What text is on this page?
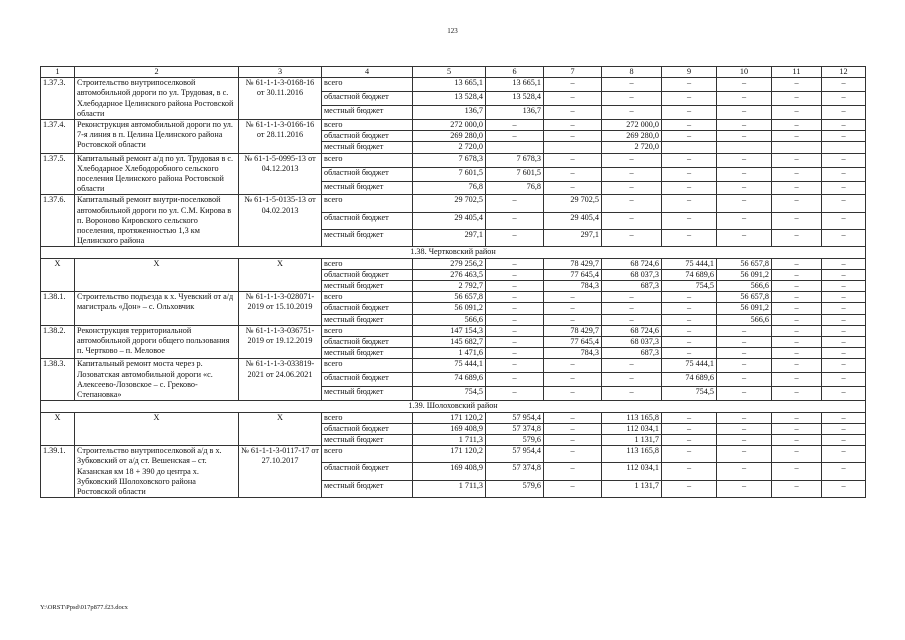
123
1	2	3	4	5	6	7	8	9	10	11	12
1.37.3.	Строительство внутрипоселковой автомобильной дороги по ул. Трудовая, в с. Хлебодарное Целинского района Ростовской области	№ 61-1-1-3-0168-16 от 30.11.2016	всего	13 665,1	13 665,1	–	–	–	–	–	–
			областной бюджет	13 528,4	13 528,4	–	–	–	–	–	–
			местный бюджет	136,7	136,7	–	–	–	–	–	–
1.37.4.	Реконструкция автомобильной дороги по ул. 7-я линия в п. Целина Целинского района Ростовской области	№ 61-1-1-3-0166-16 от 28.11.2016	всего	272 000,0	–	–	272 000,0	–	–	–	–
			областной бюджет	269 280,0	–	–	269 280,0	–	–	–	–
			местный бюджет	2 720,0			2 720,0				
1.37.5.	Капитальный ремонт а/д по ул. Трудовая в с. Хлебодарное Хлебодоробного сельского поселения Целинского района Ростовской области	№ 61-1-5-0995-13 от 04.12.2013	всего	7 678,3	7 678,3	–	–	–	–	–	–
			областной бюджет	7 601,5	7 601,5	–	–	–	–	–	–
			местный бюджет	76,8	76,8	–	–	–	–	–	–
1.37.6.	Капитальный ремонт внутри-поселковой автомобильной дороги по ул. С.М. Кирова в п. Вороново Кировского сельского поселения, протяженностью 1,3 км Целинского района	№ 61-1-5-0135-13 от 04.02.2013	всего	29 702,5	–	29 702,5	–	–	–	–	–
			областной бюджет	29 405,4	–	29 405,4	–	–	–	–	–
			местный бюджет	297,1	–	297,1	–	–	–	–	–
1.38. Чертковский район											
Х	Х	Х	всего	279 256,2	–	78 429,7	68 724,6	75 444,1	56 657,8	–	–
			областной бюджет	276 463,5	–	77 645,4	68 037,3	74 689,6	56 091,2	–	–
			местный бюджет	2 792,7	–	784,3	687,3	754,5	566,6	–	–
1.38.1.	Строительство подъезда к х. Чуевский от а/д магистраль «Дон» – с. Ольховчик	№ 61-1-1-3-028071-2019 от 15.10.2019	всего	56 657,8	–	–	–	–	56 657,8	–	–
			областной бюджет	56 091,2	–	–	–	–	56 091,2	–	–
			местный бюджет	566,6	–	–	–	–	566,6	–	–
1.38.2.	Реконструкция территориальной автомобильной дороги общего пользования п. Чертково – п. Меловое	№ 61-1-1-3-036751-2019 от 19.12.2019	всего	147 154,3	–	78 429,7	68 724,6	–	–	–	–
			областной бюджет	145 682,7	–	77 645,4	68 037,3	–	–	–	–
			местный бюджет	1 471,6	–	784,3	687,3	–	–	–	–
1.38.3.	Капитальный ремонт моста через р. Лозоватская автомобильной дороги «с. Алексеево-Лозовское – с. Греково-Степановка»	№ 61-1-1-3-033819-2021 от 24.06.2021	всего	75 444,1	–	–	–	75 444,1	–	–	–
			областной бюджет	74 689,6	–	–	–	74 689,6	–	–	–
			местный бюджет	754,5	–	–	–	754,5	–	–	–
1.39. Шолоховский район											
Х	Х	Х	всего	171 120,2	57 954,4	–	113 165,8	–	–	–	–
			областной бюджет	169 408,9	57 374,8	–	112 034,1	–	–	–	–
			местный бюджет	1 711,3	579,6	–	1 131,7	–	–	–	–
1.39.1.	Строительство внутрипоселковой а/д в х. Зубковский от а/д ст. Вешенская – ст. Казанская км 18 + 390 до центра х. Зубковский Шолоховского района Ростовской области	№ 61-1-1-3-0117-17 от 27.10.2017	всего	171 120,2	57 954,4	–	113 165,8	–	–	–	–
			областной бюджет	169 408,9	57 374,8	–	112 034,1	–	–	–	–
			местный бюджет	1 711,3	579,6	–	1 131,7	–	–	–	–
Y:\ORST\Ppsd\017p877.f23.docx
